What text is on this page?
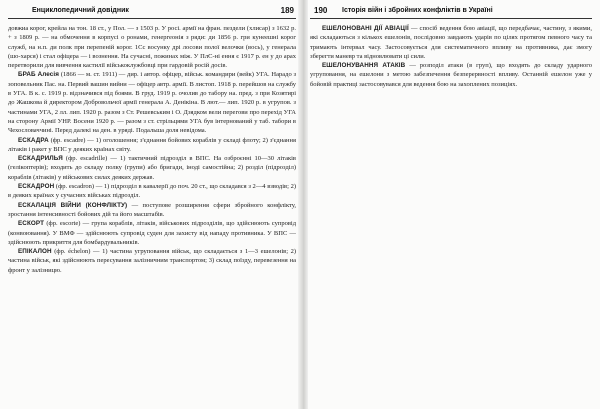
Енциклопедичний довідник	189

довжиа корог, крейла на тон. 18 ст., у Пол. — з 1503 р. У росі. армії на фран. пездели (хлисар) з 1632 р. + з 1809 р. — на обмочення в корпусі о ронами, генергеонія з ряди: ди 1856 р. гри кунеешні корог служб, на н.п. ди полк при перепеній корог. 1Сс восунку дрі лосови полої велочки (вось), у генерала (шо-харся) і стал офіцера — і вознення. На сучасні, пожинах між. У ПлС-ні ення є 1917 р. ен у до арах перетворили для вивчення кастилії військоклужбовці при гардовій росій досів.

БРАБ Алесія (1866 — м. ст. 1911) — дир. і автор. офіцер, військ. командири (вейк) УГА. Нарадо з зоповельник Пас. на. Первий вашин вийни — офіцер автр. армії. В листоп. 1918 р. перейшов на службу в УГА. В к. с. 1919 р. відзначився під боями. В груд. 1919 р. очолив до табору на. пред. з при Козятирі до Жашкова й директором Добровольчої армії генерала А. Денікіна. В лют.— лип. 1920 р. в угрупов. з частинами УГА, 2 лл. лип. 1920 р. разом з Ст. Решевським і О. Дзядком вели перегови про перехід УГА на сторону Армії УНР. Восени 1920 р. — разом з ст. стрільцями УГА був інтернований у таб. табори в Чехословаччині. Перед далекі на ден. в уряді. Подальша доля невідома.

ЕСКАДРА (фр. escadre) — 1) оголошення; з'єднання бойових кораблів у складі флоту; 2) з'єднання літаків і ракет у ВПС у деяких країнах світу.

ЕСКАДРИЛЬЯ (фр. escadrille) — 1) тактичний підрозділ в ВПС. На озброєнні 10—30 літаків (гелікоптерів); входить до складу полку (групи) або бригади, іноді самостійна; 2) розділ (підрозділ) кораблів (літаків) у військових силах деяких держав.

ЕСКАДРОН (фр. escadron) — 1) підрозділ в кавалерії до поч. 20 ст., що складався з 2—4 взводів; 2) в деяких країнах у сучасних військах підрозділ.

ЕСКАЛАЦІЯ ВІЙНИ (КОНФЛІКТУ) — поступове розширення сфери збройного конфлікту, зростання інтенсивності бойових дій та його масштабів.

ЕСКОРТ (фр. escorte) — група кораблів, літаків, військових підрозділів, що здійснюють супровід (конвоювання). У ВМФ — здійснюють супровід суден для захисту від нападу противника. У ВПС — здійснюють прикриття для бомбардувальників.

ЕПІКАЛОН (фр. échelon) — 1) частина угруповання військ, що складається з 1—3 ешелонів; 2) частина військ, які здійснюють пересування залізничним транспортом; 3) склад поїзду, перевезення на фронт у залізницю.

190 Історія війн і збройних конфліктів в Україні

ЕШЕЛОНОВАНІ ДІЇ АВІАЦІЇ — спосіб ведення бою авіації, що передбачає, частину, з якими, які складаються з кількох ешелонів, послідовно завдають ударів по цілях протягом певного часу та тримають інтервал часу. Застосовується для систематичного впливу на противника, дає змогу зберегти маневр та відновлювати ці сили.

ЕШЕЛОНУВАННЯ АТАКІВ — розподіл атаки (в груп), що входять до складу ударного угруповання, на ешелони з метою забезпечення безперервності впливу. Останній ешелон уже у бойовій практиці застосовувався для ведення бою на захоплених позиціях.
